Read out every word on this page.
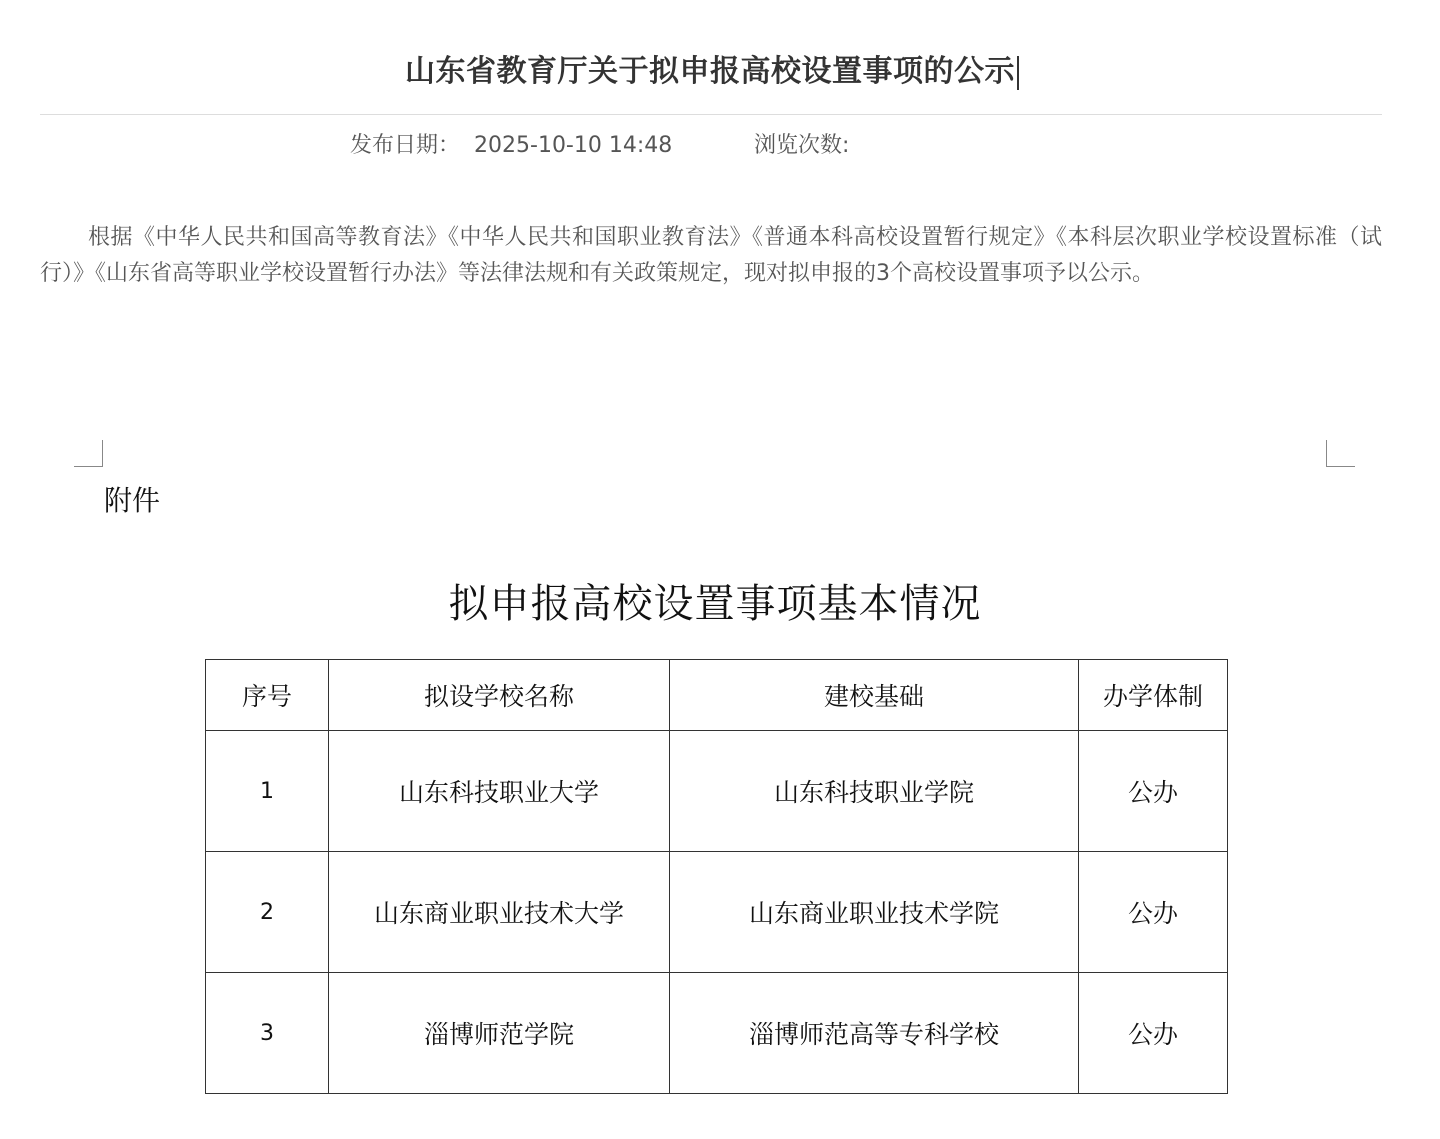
山东省教育厅关于拟申报高校设置事项的公示
发布日期： 2025-10-10 14:48	浏览次数:

根据《中华人民共和国高等教育法》《中华人民共和国职业教育法》《普通本科高校设置暂行规定》《本科层次职业学校设置标准（试行）》《山东省高等职业学校设置暂行办法》等法律法规和有关政策规定，现对拟申报的3个高校设置事项予以公示。

附件
拟申报高校设置事项基本情况
序号	拟设学校名称	建校基础	办学体制
1	山东科技职业大学	山东科技职业学院	公办
2	山东商业职业技术大学	山东商业职业技术学院	公办
3	淄博师范学院	淄博师范高等专科学校	公办
